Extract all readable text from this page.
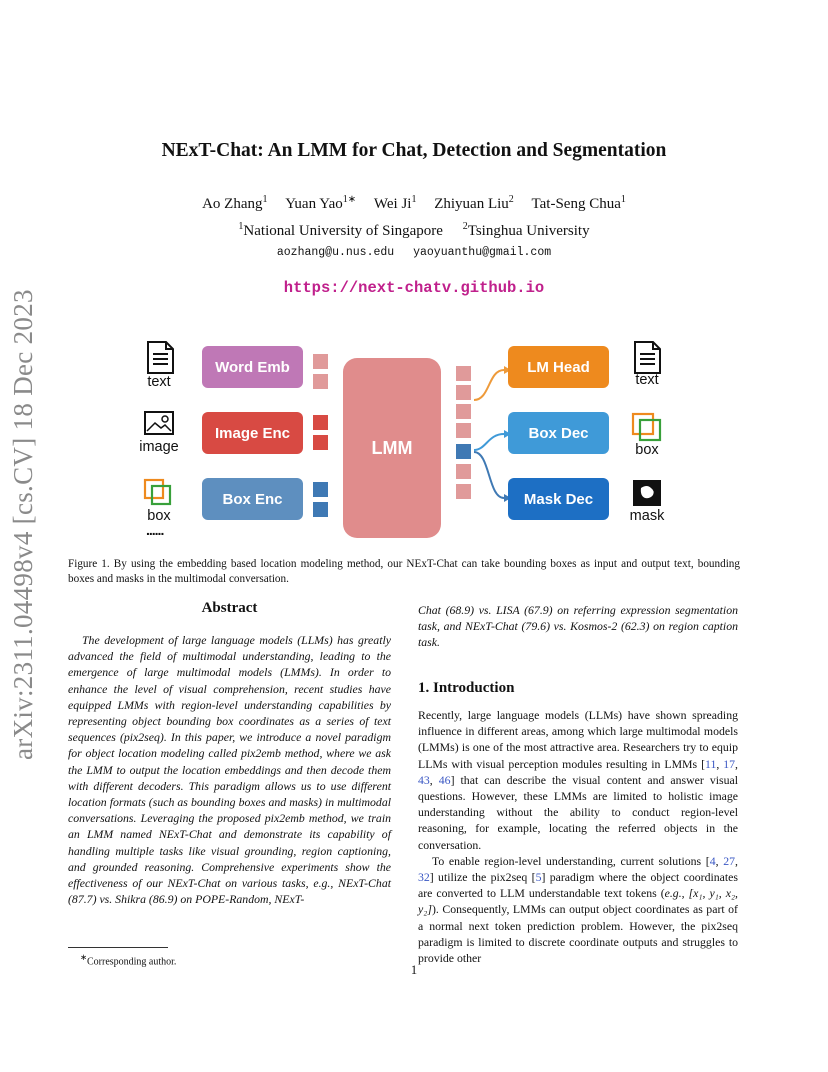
arXiv:2311.04498v4 [cs.CV] 18 Dec 2023
NExT-Chat: An LMM for Chat, Detection and Segmentation
Ao Zhang$^1$ Yuan Yao$^{1∗}$ Wei Ji$^1$ Zhiyuan Liu$^2$ Tat-Seng Chua$^1$
$^1$National University of Singapore $^2$Tsinghua University
aozhang@u.nus.edu yaoyuanthu@gmail.com
https://next-chatv.github.io
text
image
box
......
Word Emb
Image Enc
Box Enc
LMM
LM Head
Box Dec
Mask Dec
text
box
mask
Figure 1. By using the embedding based location modeling method, our NExT-Chat can take bounding boxes as input and output text, bounding boxes and masks in the multimodal conversation.
Abstract

The development of large language models (LLMs) has greatly advanced the field of multimodal understanding, leading to the emergence of large multimodal models (LMMs). In order to enhance the level of visual comprehension, recent studies have equipped LMMs with region-level understanding capabilities by representing object bounding box coordinates as a series of text sequences (pix2seq). In this paper, we introduce a novel paradigm for object location modeling called pix2emb method, where we ask the LMM to output the location embeddings and then decode them with different decoders. This paradigm allows us to use different location formats (such as bounding boxes and masks) in multimodal conversations. Leveraging the proposed pix2emb method, we train an LMM named NExT-Chat and demonstrate its capability of handling multiple tasks like visual grounding, region captioning, and grounded reasoning. Comprehensive experiments show the effectiveness of our NExT-Chat on various tasks, e.g., NExT-Chat (87.7) vs. Shikra (86.9) on POPE-Random, NExT-

Chat (68.9) vs. LISA (67.9) on referring expression segmentation task, and NExT-Chat (79.6) vs. Kosmos-2 (62.3) on region caption task.

1. Introduction

Recently, large language models (LLMs) have shown spreading influence in different areas, among which large multimodal models (LMMs) is one of the most attractive area. Researchers try to equip LLMs with visual perception modules resulting in LMMs [11, 17, 43, 46] that can describe the visual content and answer visual questions. However, these LMMs are limited to holistic image understanding without the ability to conduct region-level reasoning, for example, locating the referred objects in the conversation.

To enable region-level understanding, current solutions [4, 27, 32] utilize the pix2seq [5] paradigm where the object coordinates are converted to LLM understandable text tokens (e.g., [x₁, y₁, x₂, y₂]). Consequently, LMMs can output object coordinates as part of a normal next token prediction problem. However, the pix2seq paradigm is limited to discrete coordinate outputs and struggles to provide other

∗Corresponding author.
1
